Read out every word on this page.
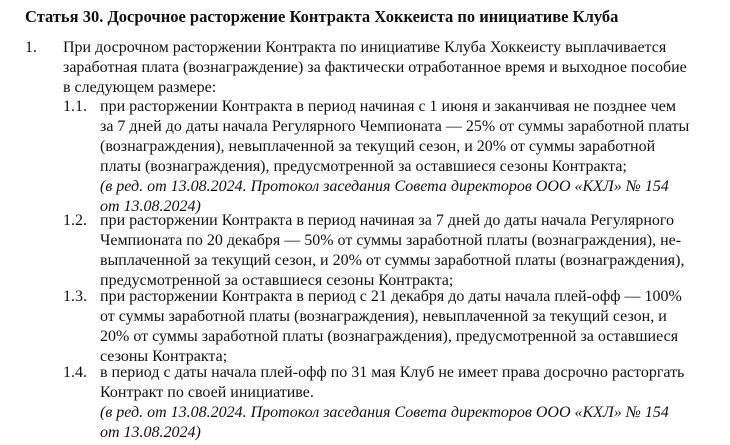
Статья 30. Досрочное расторжение Контракта Хоккеиста по инициативе Клуба
1. При досрочном расторжении Контракта по инициативе Клуба Хоккеисту выплачивается
заработная плата (вознаграждение) за фактически отработанное время и выходное пособие
в следующем размере:
1.1. при расторжении Контракта в период начиная с 1 июня и заканчивая не позднее чем
за 7 дней до даты начала Регулярного Чемпионата — 25% от суммы заработной платы
(вознаграждения), невыплаченной за текущий сезон, и 20% от суммы заработной
платы (вознаграждения), предусмотренной за оставшиеся сезоны Контракта;
(в ред. от 13.08.2024. Протокол заседания Совета директоров ООО «КХЛ» № 154
от 13.08.2024)
1.2. при расторжении Контракта в период начиная за 7 дней до даты начала Регулярного
Чемпионата по 20 декабря — 50% от суммы заработной платы (вознаграждения), не-
выплаченной за текущий сезон, и 20% от суммы заработной платы (вознаграждения),
предусмотренной за оставшиеся сезоны Контракта;
1.3. при расторжении Контракта в период с 21 декабря до даты начала плей-офф — 100%
от суммы заработной платы (вознаграждения), невыплаченной за текущий сезон, и
20% от суммы заработной платы (вознаграждения), предусмотренной за оставшиеся
сезоны Контракта;
1.4. в период с даты начала плей-офф по 31 мая Клуб не имеет права досрочно расторгать
Контракт по своей инициативе.
(в ред. от 13.08.2024. Протокол заседания Совета директоров ООО «КХЛ» № 154
от 13.08.2024)
